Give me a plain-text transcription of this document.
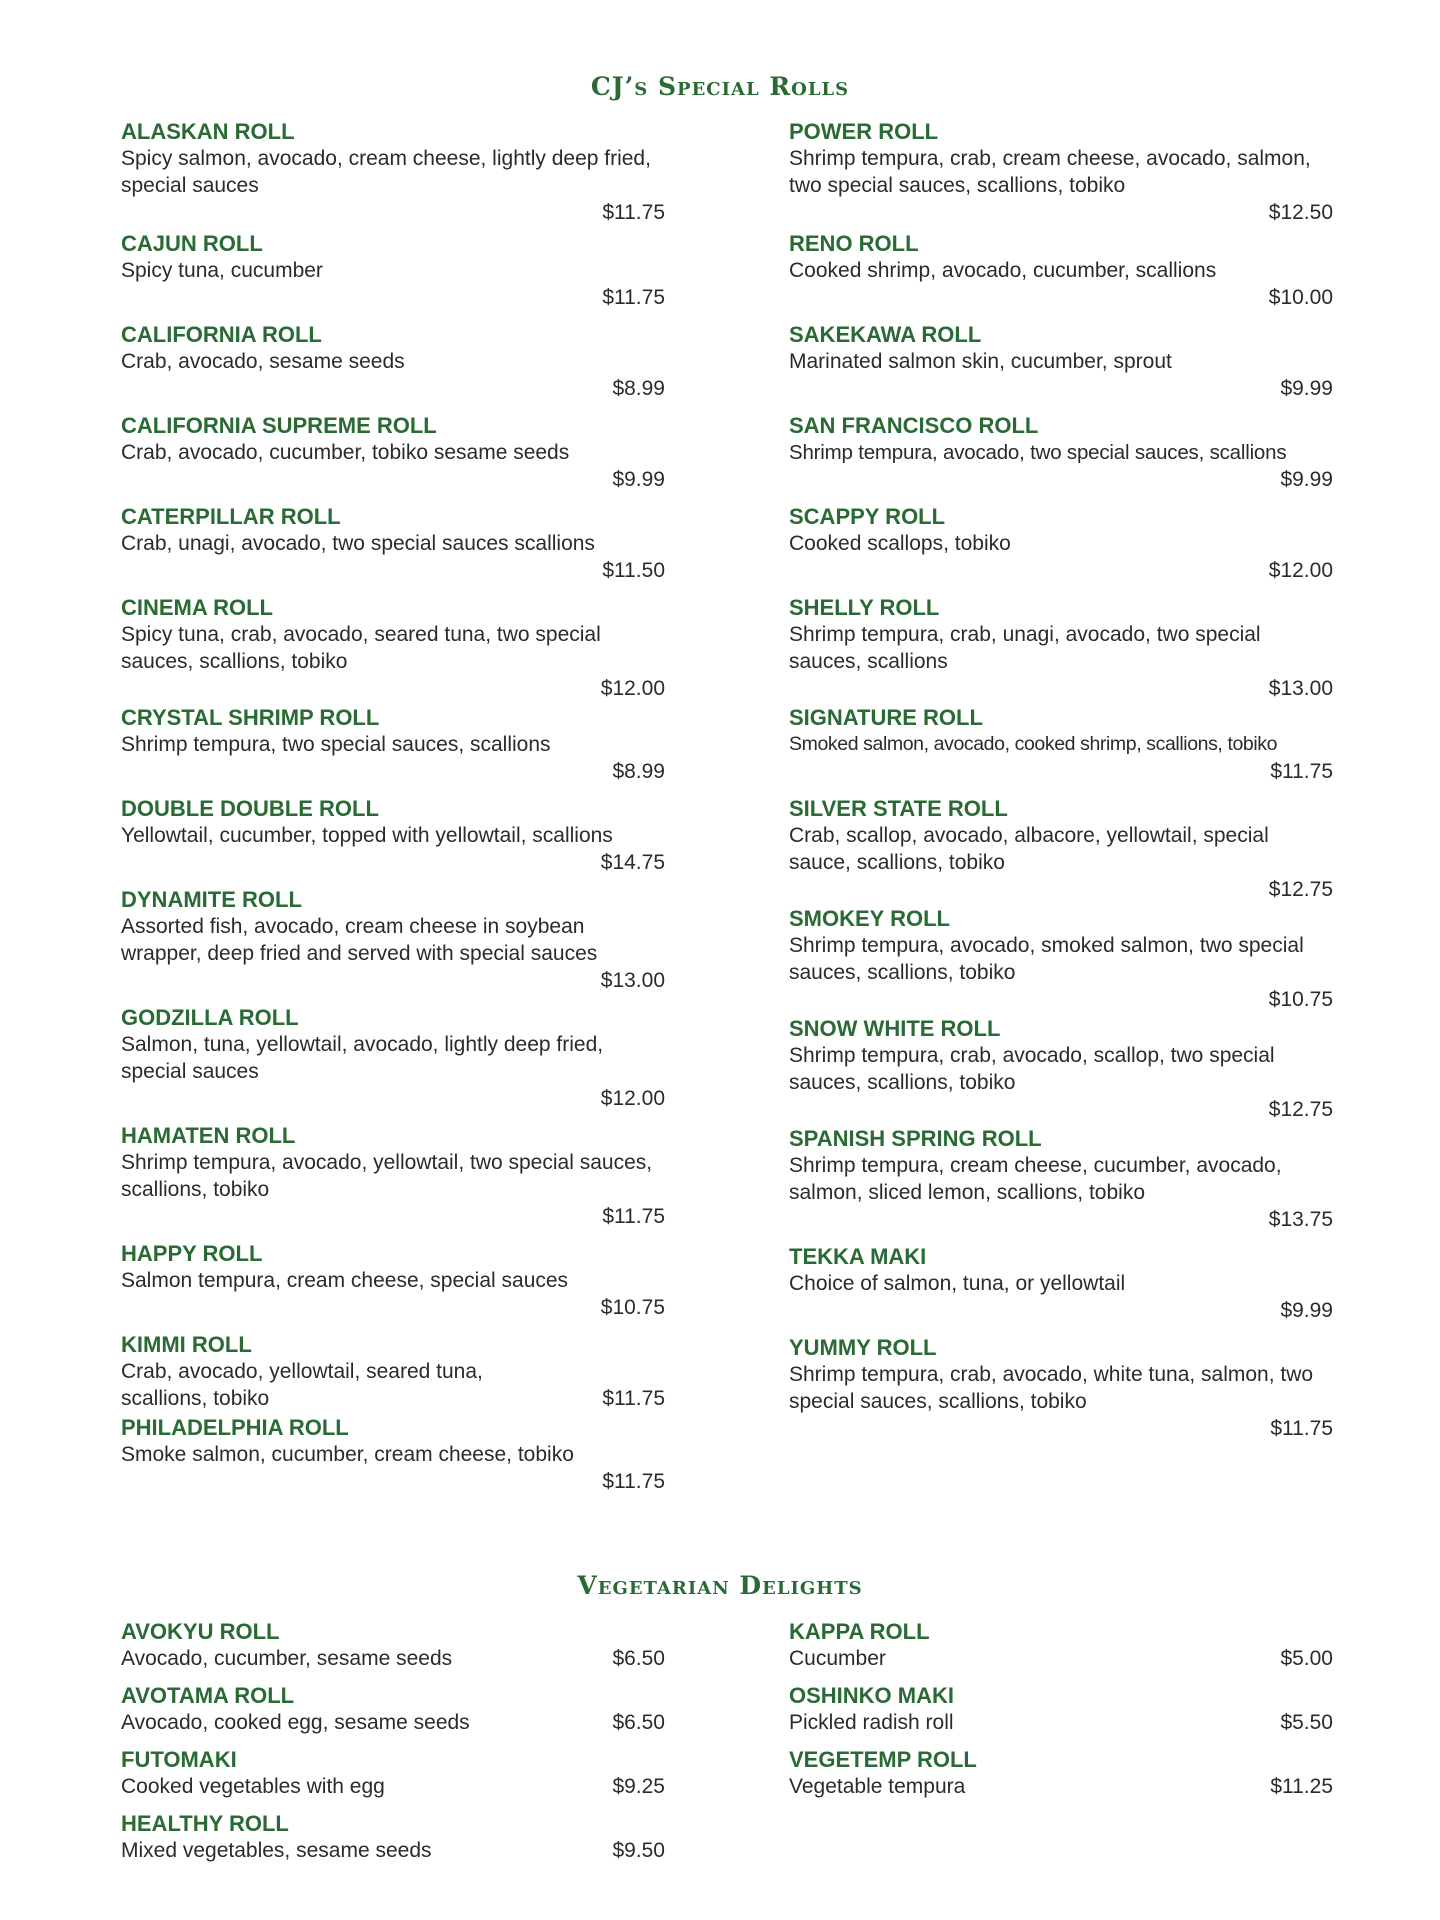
CJ’s Special Rolls
ALASKAN ROLL
Spicy salmon, avocado, cream cheese, lightly deep fried, special sauces
$11.75
CAJUN ROLL
Spicy tuna, cucumber
$11.75
CALIFORNIA ROLL
Crab, avocado, sesame seeds
$8.99
CALIFORNIA SUPREME ROLL
Crab, avocado, cucumber, tobiko sesame seeds
$9.99
CATERPILLAR ROLL
Crab, unagi, avocado, two special sauces scallions
$11.50
CINEMA ROLL
Spicy tuna, crab, avocado, seared tuna, two special sauces, scallions, tobiko
$12.00
CRYSTAL SHRIMP ROLL
Shrimp tempura, two special sauces, scallions
$8.99
DOUBLE DOUBLE ROLL
Yellowtail, cucumber, topped with yellowtail, scallions
$14.75
DYNAMITE ROLL
Assorted fish, avocado, cream cheese in soybean wrapper, deep fried and served with special sauces
$13.00
GODZILLA ROLL
Salmon, tuna, yellowtail, avocado, lightly deep fried, special sauces
$12.00
HAMATEN ROLL
Shrimp tempura, avocado, yellowtail, two special sauces, scallions, tobiko
$11.75
HAPPY ROLL
Salmon tempura, cream cheese, special sauces
$10.75
KIMMI ROLL
Crab, avocado, yellowtail, seared tuna, scallions, tobiko	$11.75
PHILADELPHIA ROLL
Smoke salmon, cucumber, cream cheese, tobiko
$11.75
POWER ROLL
Shrimp tempura, crab, cream cheese, avocado, salmon, two special sauces, scallions, tobiko
$12.50
RENO ROLL
Cooked shrimp, avocado, cucumber, scallions
$10.00
SAKEKAWA ROLL
Marinated salmon skin, cucumber, sprout
$9.99
SAN FRANCISCO ROLL
Shrimp tempura, avocado, two special sauces, scallions
$9.99
SCAPPY ROLL
Cooked scallops, tobiko
$12.00
SHELLY ROLL
Shrimp tempura, crab, unagi, avocado, two special sauces, scallions
$13.00
SIGNATURE ROLL
Smoked salmon, avocado, cooked shrimp, scallions, tobiko
$11.75
SILVER STATE ROLL
Crab, scallop, avocado, albacore, yellowtail, special sauce, scallions, tobiko
$12.75
SMOKEY ROLL
Shrimp tempura, avocado, smoked salmon, two special sauces, scallions, tobiko
$10.75
SNOW WHITE ROLL
Shrimp tempura, crab, avocado, scallop, two special sauces, scallions, tobiko
$12.75
SPANISH SPRING ROLL
Shrimp tempura, cream cheese, cucumber, avocado, salmon, sliced lemon, scallions, tobiko
$13.75
TEKKA MAKI
Choice of salmon, tuna, or yellowtail
$9.99
YUMMY ROLL
Shrimp tempura, crab, avocado, white tuna, salmon, two special sauces, scallions, tobiko
$11.75
Vegetarian Delights
AVOKYU ROLL
Avocado, cucumber, sesame seeds	$6.50
AVOTAMA ROLL
Avocado, cooked egg, sesame seeds	$6.50
FUTOMAKI
Cooked vegetables with egg	$9.25
HEALTHY ROLL
Mixed vegetables, sesame seeds	$9.50
KAPPA ROLL
Cucumber	$5.00
OSHINKO MAKI
Pickled radish roll	$5.50
VEGETEMP ROLL
Vegetable tempura	$11.25
